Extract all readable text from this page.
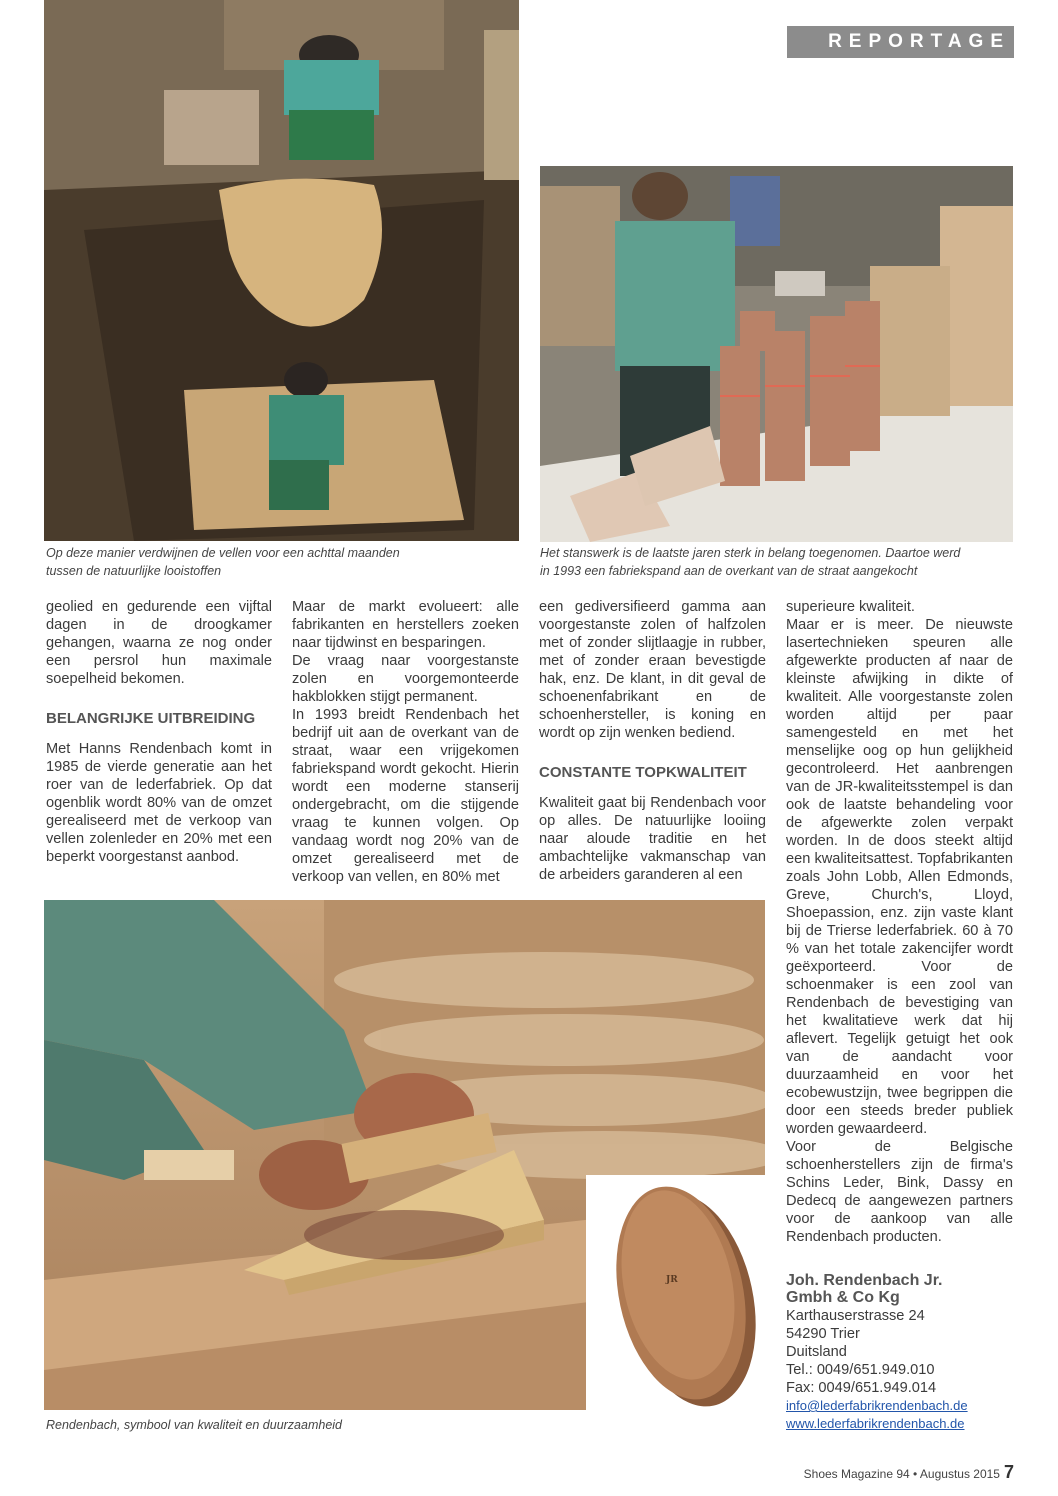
REPORTAGE
Op deze manier verdwijnen de vellen voor een achttal maanden
tussen de natuurlijke looistoffen
Het stanswerk is de laatste jaren sterk in belang toegenomen. Daartoe werd
in 1993 een fabriekspand aan de overkant van de straat aangekocht

geolied en gedurende een vijftal dagen in de droogkamer gehangen, waarna ze nog onder een persrol hun maximale soepelheid bekomen.

BELANGRIJKE UITBREIDING

Met Hanns Rendenbach komt in 1985 de vierde generatie aan het roer van de lederfabriek. Op dat ogenblik wordt 80% van de omzet gerealiseerd met de verkoop van vellen zolenleder en 20% met een beperkt voorgestanst aanbod.

Maar de markt evolueert: alle fabrikanten en herstellers zoeken naar tijdwinst en besparingen.

De vraag naar voorgestanste zolen en voorgemonteerde hakblokken stijgt permanent.

In 1993 breidt Rendenbach het bedrijf uit aan de overkant van de straat, waar een vrijgekomen fabriekspand wordt gekocht. Hierin wordt een moderne stanserij ondergebracht, om die stijgende vraag te kunnen volgen. Op vandaag wordt nog 20% van de omzet gerealiseerd met de verkoop van vellen, en 80% met

een gediversifieerd gamma aan voorgestanste zolen of halfzolen met of zonder slijtlaagje in rubber, met of zonder eraan bevestigde hak, enz. De klant, in dit geval de schoenenfabrikant en de schoenhersteller, is koning en wordt op zijn wenken bediend.

CONSTANTE TOPKWALITEIT

Kwaliteit gaat bij Rendenbach voor op alles. De natuurlijke looiing naar aloude traditie en het ambachtelijke vakmanschap van de arbeiders garanderen al een

superieure kwaliteit.

Maar er is meer. De nieuwste lasertechnieken speuren alle afgewerkte producten af naar de kleinste afwijking in dikte of kwaliteit. Alle voorgestanste zolen worden altijd per paar samengesteld en met het menselijke oog op hun gelijkheid gecontroleerd. Het aanbrengen van de JR-kwaliteitsstempel is dan ook de laatste behandeling voor de afgewerkte zolen verpakt worden. In de doos steekt altijd een kwaliteitsattest. Topfabrikanten zoals John Lobb, Allen Edmonds, Greve, Church's, Lloyd, Shoepassion, enz. zijn vaste klant bij de Trierse lederfabriek. 60 à 70 % van het totale zakencijfer wordt geëxporteerd. Voor de schoenmaker is een zool van Rendenbach de bevestiging van het kwalitatieve werk dat hij aflevert. Tegelijk getuigt het ook van de aandacht voor duurzaamheid en voor het ecobewustzijn, twee begrippen die door een steeds breder publiek worden gewaardeerd.

Voor de Belgische schoenherstellers zijn de firma's Schins Leder, Bink, Dassy en Dedecq de aangewezen partners voor de aankoop van alle Rendenbach producten.

JR
Rendenbach, symbool van kwaliteit en duurzaamheid
Joh. Rendenbach Jr.
Gmbh & Co Kg
Karthauserstrasse 24
54290 Trier
Duitsland
Tel.: 0049/651.949.010
Fax: 0049/651.949.014
info@lederfabrikrendenbach.de
www.lederfabrikrendenbach.de
Shoes Magazine 94 • Augustus 2015 7
